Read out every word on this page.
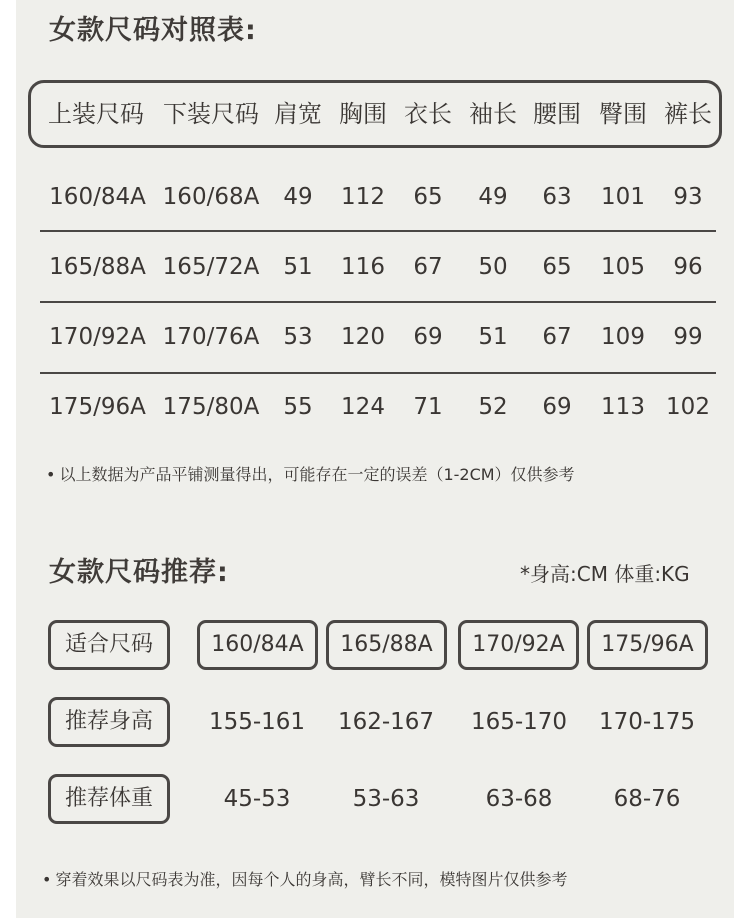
女款尺码对照表:
上装尺码 下装尺码 肩宽 胸围 衣长 袖长 腰围 臀围 裤长
160/84A 160/68A	49	112	65	49	63	101	93
165/88A 165/72A	51	116	67	50	65	105	96
170/92A 170/76A	53	120	69	51	67	109	99
175/96A 175/80A	55	124	71	52	69	113 102
• 以上数据为产品平铺测量得出，可能存在一定的误差（1-2CM）仅供参考
女款尺码推荐:	*身高:CM 体重:KG
适合尺码	160/84A	165/88A	170/92A	175/96A
推荐身高	155-161	162-167	165-170	170-175
推荐体重	45-53	53-63	63-68	68-76
• 穿着效果以尺码表为准，因每个人的身高，臂长不同，模特图片仅供参考
